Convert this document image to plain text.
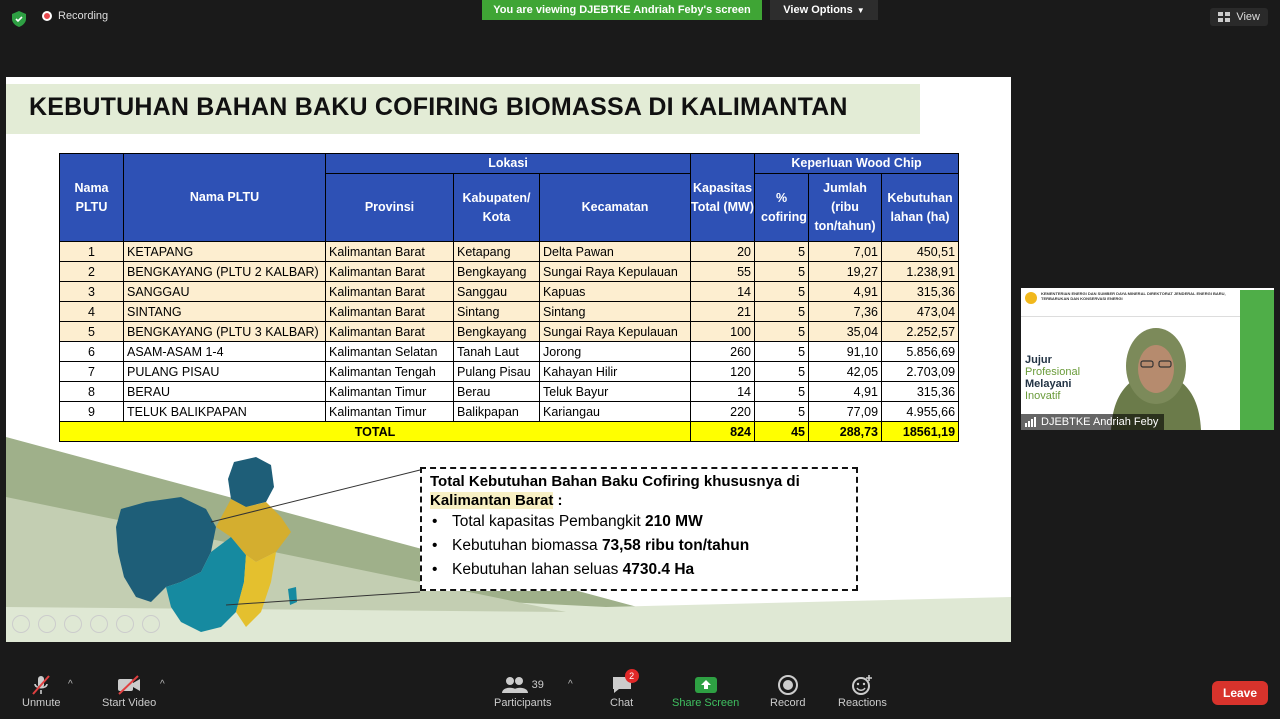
Recording	You are viewing DJEBTKE Andriah Feby's screen	View Options ▼
View
KEBUTUHAN BAHAN BAKU COFIRING BIOMASSA DI KALIMANTAN
Nama PLTU	Nama PLTU	Lokasi			Kapasitas Total (MW)	Keperluan Wood Chip		
		Provinsi	Kabupaten/ Kota	Kecamatan		% cofiring	Jumlah (ribu ton/tahun)	Kebutuhan lahan (ha)
1	KETAPANG	Kalimantan Barat	Ketapang	Delta Pawan	20	5	7,01	450,51
2	BENGKAYANG (PLTU 2 KALBAR)	Kalimantan Barat	Bengkayang	Sungai Raya Kepulauan	55	5	19,27	1.238,91
3	SANGGAU	Kalimantan Barat	Sanggau	Kapuas	14	5	4,91	315,36
4	SINTANG	Kalimantan Barat	Sintang	Sintang	21	5	7,36	473,04
5	BENGKAYANG (PLTU 3 KALBAR)	Kalimantan Barat	Bengkayang	Sungai Raya Kepulauan	100	5	35,04	2.252,57
6	ASAM-ASAM 1-4	Kalimantan Selatan	Tanah Laut	Jorong	260	5	91,10	5.856,69
7	PULANG PISAU	Kalimantan Tengah	Pulang Pisau	Kahayan Hilir	120	5	42,05	2.703,09
8	BERAU	Kalimantan Timur	Berau	Teluk Bayur	14	5	4,91	315,36
9	TELUK BALIKPAPAN	Kalimantan Timur	Balikpapan	Kariangau	220	5	77,09	4.955,66
TOTAL					824	45	288,73	18561,19
Total Kebutuhan Bahan Baku Cofiring khususnya di
Kalimantan Barat :
• Total kapasitas Pembangkit 210 MW
• Kebutuhan biomassa 73,58 ribu ton/tahun
• Kebutuhan lahan seluas 4730.4 Ha
KEMENTERIAN ENERGI DAN SUMBER DAYA MINERAL DIREKTORAT JENDERAL ENERGI BARU, TERBARUKAN DAN KONSERVASI ENERGI
Jujur
Profesional
Melayani
Inovatif
DJEBTKE Andriah Feby
Unmute
^
Start Video
^	39
Participants
^
2
Chat	Share Screen	Record	Reactions
Leave
